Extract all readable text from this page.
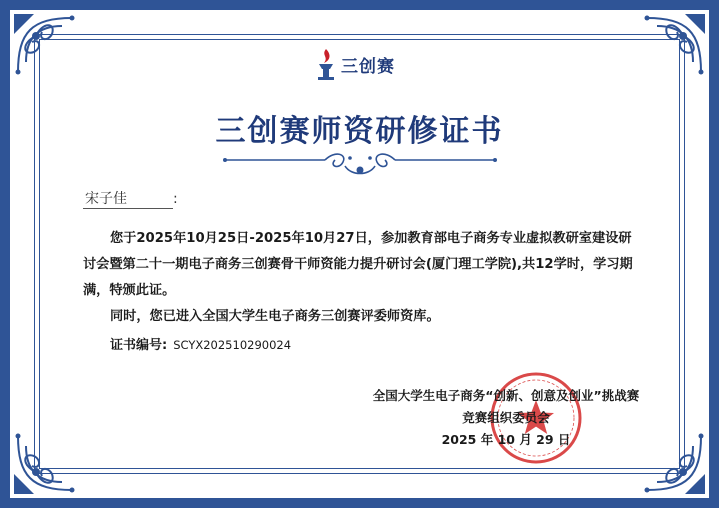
三创赛
三创赛师资研修证书
宋子佳	:

您于2025年10月25日-2025年10月27日，参加教育部电子商务专业虚拟教研室建设研讨会暨第二十一期电子商务三创赛骨干师资能力提升研讨会(厦门理工学院),共12学时，学习期满，特颁此证。

同时，您已进入全国大学生电子商务三创赛评委师资库。

证书编号: SCYX202510290024
全国大学生电子商务“创新、创意及创业”挑战赛
竞赛组织委员会
2025 年 10 月 29 日
